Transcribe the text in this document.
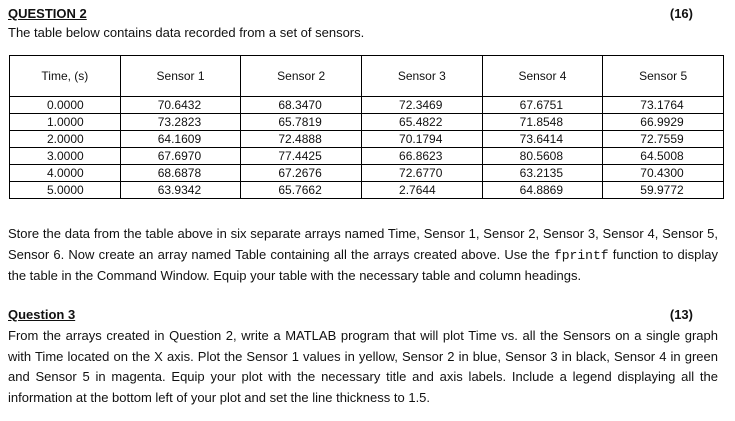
QUESTION 2	(16)
The table below contains data recorded from a set of sensors.
Time, (s)	Sensor 1	Sensor 2	Sensor 3	Sensor 4	Sensor 5
0.0000	70.6432	68.3470	72.3469	67.6751	73.1764
1.0000	73.2823	65.7819	65.4822	71.8548	66.9929
2.0000	64.1609	72.4888	70.1794	73.6414	72.7559
3.0000	67.6970	77.4425	66.8623	80.5608	64.5008
4.0000	68.6878	67.2676	72.6770	63.2135	70.4300
5.0000	63.9342	65.7662	2.7644	64.8869	59.9772
Store the data from the table above in six separate arrays named Time, Sensor 1, Sensor 2, Sensor 3, Sensor 4, Sensor 5, Sensor 6. Now create an array named Table containing all the arrays created above. Use the fprintf function to display the table in the Command Window. Equip your table with the necessary table and column headings.
Question 3	(13)
From the arrays created in Question 2, write a MATLAB program that will plot Time vs. all the Sensors on a single graph with Time located on the X axis. Plot the Sensor 1 values in yellow, Sensor 2 in blue, Sensor 3 in black, Sensor 4 in green and Sensor 5 in magenta. Equip your plot with the necessary title and axis labels. Include a legend displaying all the information at the bottom left of your plot and set the line thickness to 1.5.
